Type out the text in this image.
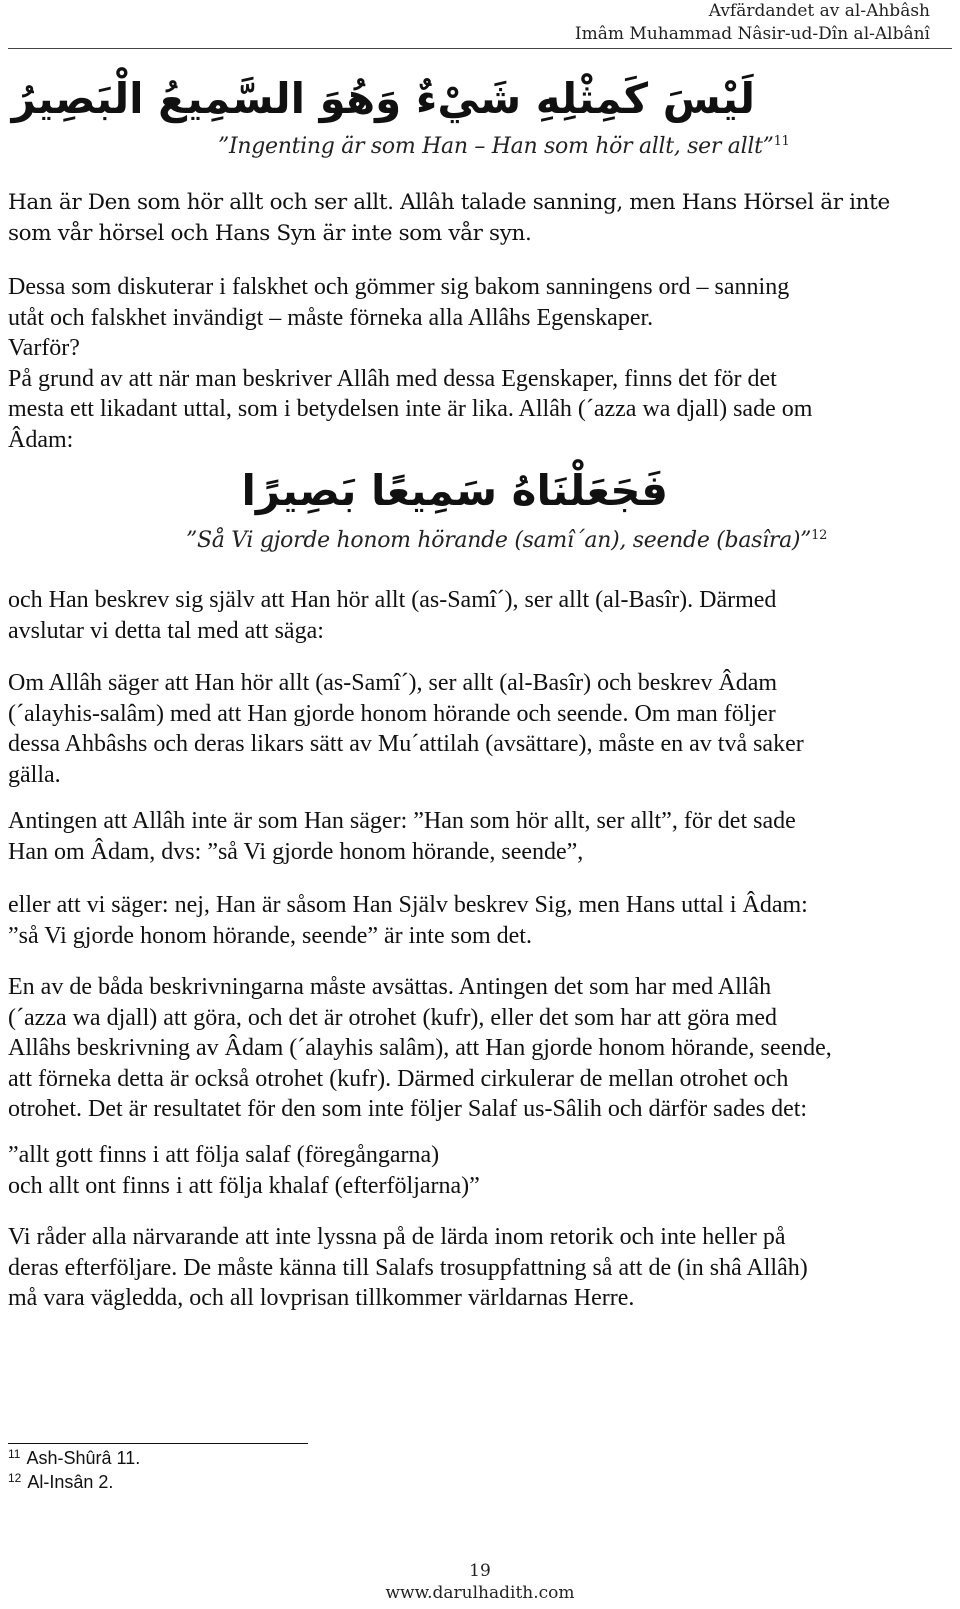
Avfärdandet av al-Ahbâsh
Imâm Muhammad Nâsir-ud-Dîn al-Albânî
لَيْسَ كَمِثْلِهِ شَيْءٌ وَهُوَ السَّمِيعُ الْبَصِيرُ
”Ingenting är som Han – Han som hör allt, ser allt”$^{11}$
Han är Den som hör allt och ser allt. Allâh talade sanning, men Hans Hörsel är inte
som vår hörsel och Hans Syn är inte som vår syn.
Dessa som diskuterar i falskhet och gömmer sig bakom sanningens ord – sanning
utåt och falskhet invändigt – måste förneka alla Allâhs Egenskaper.
Varför?
På grund av att när man beskriver Allâh med dessa Egenskaper, finns det för det
mesta ett likadant uttal, som i betydelsen inte är lika. Allâh (´azza wa djall) sade om
Âdam:
فَجَعَلْنَاهُ سَمِيعًا بَصِيرًا
”Så Vi gjorde honom hörande (samî´an), seende (basîra)”$^{12}$
och Han beskrev sig själv att Han hör allt (as-Samî´), ser allt (al-Basîr). Därmed
avslutar vi detta tal med att säga:
Om Allâh säger att Han hör allt (as-Samî´), ser allt (al-Basîr) och beskrev Âdam
(´alayhis-salâm) med att Han gjorde honom hörande och seende. Om man följer
dessa Ahbâshs och deras likars sätt av Mu´attilah (avsättare), måste en av två saker
gälla.
Antingen att Allâh inte är som Han säger: ”Han som hör allt, ser allt”, för det sade
Han om Âdam, dvs: ”så Vi gjorde honom hörande, seende”,
eller att vi säger: nej, Han är såsom Han Själv beskrev Sig, men Hans uttal i Âdam:
”så Vi gjorde honom hörande, seende” är inte som det.
En av de båda beskrivningarna måste avsättas. Antingen det som har med Allâh
(´azza wa djall) att göra, och det är otrohet (kufr), eller det som har att göra med
Allâhs beskrivning av Âdam (´alayhis salâm), att Han gjorde honom hörande, seende,
att förneka detta är också otrohet (kufr). Därmed cirkulerar de mellan otrohet och
otrohet. Det är resultatet för den som inte följer Salaf us-Sâlih och därför sades det:
”allt gott finns i att följa salaf (föregångarna)
och allt ont finns i att följa khalaf (efterföljarna)”
Vi råder alla närvarande att inte lyssna på de lärda inom retorik och inte heller på
deras efterföljare. De måste känna till Salafs trosuppfattning så att de (in shâ Allâh)
må vara vägledda, och all lovprisan tillkommer världarnas Herre.
$^{11}$ Ash-Shûrâ 11.
$^{12}$ Al-Insân 2.
19
www.darulhadith.com
